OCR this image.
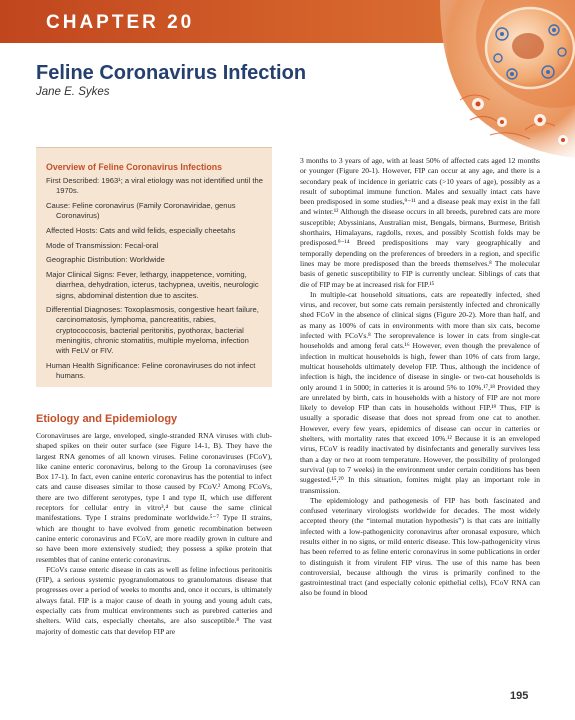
CHAPTER 20
Feline Coronavirus Infection
Jane E. Sykes
Overview of Feline Coronavirus Infections

First Described: 1963¹; a viral etiology was not identified until the 1970s.

Cause: Feline coronavirus (Family Coronaviridae, genus Coronavirus)

Affected Hosts: Cats and wild felids, especially cheetahs

Mode of Transmission: Fecal-oral

Geographic Distribution: Worldwide

Major Clinical Signs: Fever, lethargy, inappetence, vomiting, diarrhea, dehydration, icterus, tachypnea, uveitis, neurologic signs, abdominal distention due to ascites.

Differential Diagnoses: Toxoplasmosis, congestive heart failure, carcinomatosis, lymphoma, pancreatitis, rabies, cryptococcosis, bacterial peritonitis, pyothorax, bacterial meningitis, chronic stomatitis, multiple myeloma, infection with FeLV or FIV.

Human Health Significance: Feline coronaviruses do not infect humans.

Etiology and Epidemiology

Coronaviruses are large, enveloped, single-stranded RNA viruses with club-shaped spikes on their outer surface (see Figure 14-1, B). They have the largest RNA genomes of all known viruses. Feline coronaviruses (FCoV), like canine enteric coronavirus, belong to the Group 1a coronaviruses (see Box 17-1). In fact, even canine enteric coronavirus has the potential to infect cats and cause diseases similar to those caused by FCoV.² Among FCoVs, there are two different serotypes, type I and type II, which use different receptors for cellular entry in vitro³,⁴ but cause the same clinical manifestations. Type I strains predominate worldwide.⁵⁻⁷ Type II strains, which are thought to have evolved from genetic recombination between canine enteric coronavirus and FCoV, are more readily grown in culture and so have been more extensively studied; they possess a spike protein that resembles that of canine enteric coronavirus.

FCoVs cause enteric disease in cats as well as feline infectious peritonitis (FIP), a serious systemic pyogranulomatous to granulomatous disease that progresses over a period of weeks to months and, once it occurs, is ultimately always fatal. FIP is a major cause of death in young and young adult cats, especially cats from multicat environments such as purebred catteries and shelters. Wild cats, especially cheetahs, are also susceptible.⁸ The vast majority of domestic cats that develop FIP are

3 months to 3 years of age, with at least 50% of affected cats aged 12 months or younger (Figure 20-1). However, FIP can occur at any age, and there is a secondary peak of incidence in geriatric cats (>10 years of age), possibly as a result of suboptimal immune function. Males and sexually intact cats have been predisposed in some studies,⁹⁻¹¹ and a disease peak may exist in the fall and winter.¹² Although the disease occurs in all breeds, purebred cats are more susceptible; Abyssinians, Australian mist, Bengals, birmans, Burmese, British shorthairs, Himalayans, ragdolls, rexes, and possibly Scottish folds may be predisposed.⁹⁻¹⁴ Breed predispositions may vary geographically and temporally depending on the preferences of breeders in a region, and specific lines may be more predisposed than the breeds themselves.⁸ The molecular basis of genetic susceptibility to FIP is currently unclear. Siblings of cats that die of FIP may be at increased risk for FIP.¹⁵

In multiple-cat household situations, cats are repeatedly infected, shed virus, and recover, but some cats remain persistently infected and chronically shed FCoV in the absence of clinical signs (Figure 20-2). More than half, and as many as 100% of cats in environments with more than six cats, become infected with FCoVs.⁸ The seroprevalence is lower in cats from single-cat households and among feral cats.¹⁶ However, even though the prevalence of infection in multicat households is high, fewer than 10% of cats from large, multicat households ultimately develop FIP. Thus, although the incidence of infection is high, the incidence of disease in single- or two-cat households is only around 1 in 5000; in catteries it is around 5% to 10%.¹⁷,¹⁸ Provided they are unrelated by birth, cats in households with a history of FIP are not more likely to develop FIP than cats in households without FIP.¹⁹ Thus, FIP is usually a sporadic disease that does not spread from one cat to another. However, every few years, epidemics of disease can occur in catteries or shelters, with mortality rates that exceed 10%.¹² Because it is an enveloped virus, FCoV is readily inactivated by disinfectants and generally survives less than a day or two at room temperature. However, the possibility of prolonged survival (up to 7 weeks) in the environment under certain conditions has been suggested.¹⁵,²⁰ In this situation, fomites might play an important role in transmission.

The epidemiology and pathogenesis of FIP has both fascinated and confused veterinary virologists worldwide for decades. The most widely accepted theory (the “internal mutation hypothesis”) is that cats are initially infected with a low-pathogenicity coronavirus after oronasal exposure, which results either in no signs, or mild enteric disease. This low-pathogenicity virus has been referred to as feline enteric coronavirus in some publications in order to distinguish it from virulent FIP virus. The use of this name has been controversial, because although the virus is primarily confined to the gastrointestinal tract (and especially colonic epithelial cells), FCoV RNA can also be found in blood

195
